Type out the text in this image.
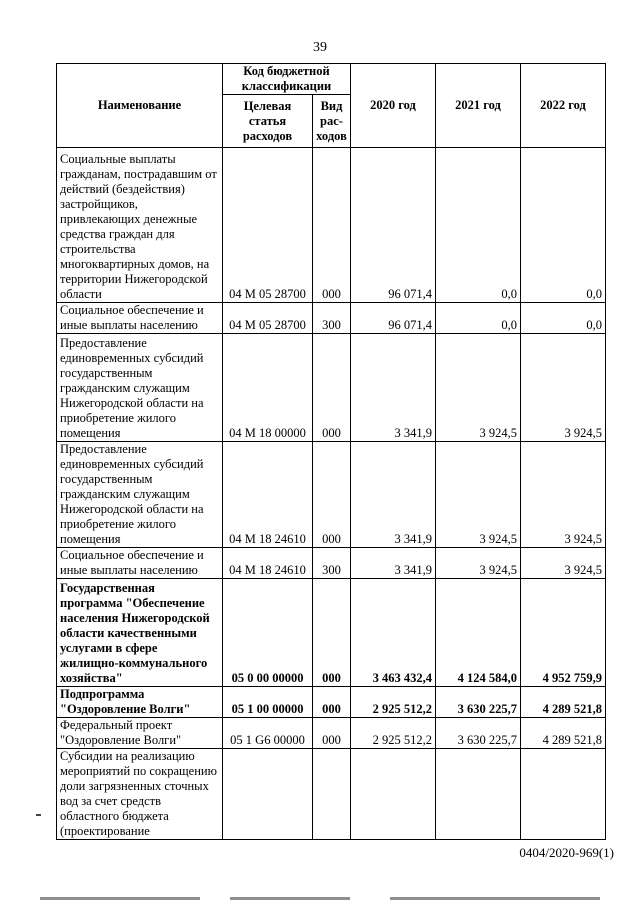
39
Наименование	Код бюджетной классификации		2020 год	2021 год	2022 год
	Целевая статья расходов	Вид рас-ходов			
Социальные выплаты гражданам, пострадавшим от действий (бездействия) застройщиков, привлекающих денежные средства граждан для строительства многоквартирных домов, на территории Нижегородской области	04 М 05 28700	000	96 071,4	0,0	0,0
Социальное обеспечение и иные выплаты населению	04 М 05 28700	300	96 071,4	0,0	0,0
Предоставление единовременных субсидий государственным гражданским служащим Нижегородской области на приобретение жилого помещения	04 М 18 00000	000	3 341,9	3 924,5	3 924,5
Предоставление единовременных субсидий государственным гражданским служащим Нижегородской области на приобретение жилого помещения	04 М 18 24610	000	3 341,9	3 924,5	3 924,5
Социальное обеспечение и иные выплаты населению	04 М 18 24610	300	3 341,9	3 924,5	3 924,5
Государственная программа "Обеспечение населения Нижегородской области качественными услугами в сфере жилищно-коммунального хозяйства"	05 0 00 00000	000	3 463 432,4	4 124 584,0	4 952 759,9
Подпрограмма "Оздоровление Волги"	05 1 00 00000	000	2 925 512,2	3 630 225,7	4 289 521,8
Федеральный проект "Оздоровление Волги"	05 1 G6 00000	000	2 925 512,2	3 630 225,7	4 289 521,8
Субсидии на реализацию мероприятий по сокращению доли загрязненных сточных вод за счет средств областного бюджета (проектирование					
0404/2020-969(1)
